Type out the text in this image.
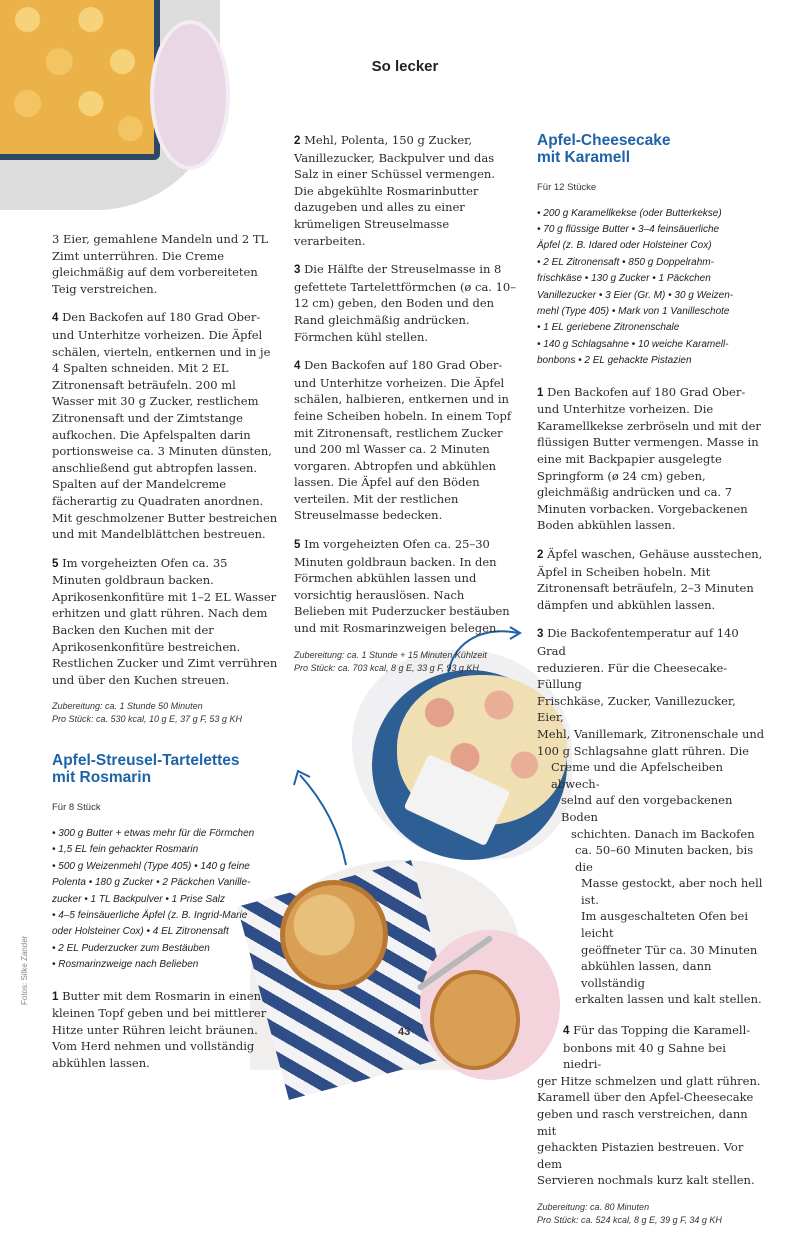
So lecker

3 Eier, gemahlene Mandeln und 2 TL Zimt unterrühren. Die Creme gleichmäßig auf dem vorbereiteten Teig verstreichen.

4 Den Backofen auf 180 Grad Ober- und Unterhitze vorheizen. Die Äpfel schälen, vierteln, entkernen und in je 4 Spalten schneiden. Mit 2 EL Zitronensaft beträufeln. 200 ml Wasser mit 30 g Zucker, restlichem Zitronensaft und der Zimtstange aufkochen. Die Apfelspalten darin portionsweise ca. 3 Minuten dünsten, anschließend gut abtropfen lassen. Spalten auf der Mandelcreme fächerartig zu Quadraten anordnen. Mit geschmolzener Butter bestreichen und mit Mandelblättchen bestreuen.

5 Im vorgeheizten Ofen ca. 35 Minuten goldbraun backen. Aprikosenkonfitüre mit 1–2 EL Wasser erhitzen und glatt rühren. Nach dem Backen den Kuchen mit der Aprikosenkonfitüre bestreichen. Restlichen Zucker und Zimt verrühren und über den Kuchen streuen.

Zubereitung: ca. 1 Stunde 50 Minuten
Pro Stück: ca. 530 kcal, 10 g E, 37 g F, 53 g KH
Apfel-Streusel-Tartelettes
mit Rosmarin
Für 8 Stück
• 300 g Butter + etwas mehr für die Förmchen
• 1,5 EL fein gehackter Rosmarin
• 500 g Weizenmehl (Type 405) • 140 g feine
Polenta • 180 g Zucker • 2 Päckchen Vanille-
zucker • 1 TL Backpulver • 1 Prise Salz
• 4–5 feinsäuerliche Äpfel (z. B. Ingrid-Marie
oder Holsteiner Cox) • 4 EL Zitronensaft
• 2 EL Puderzucker zum Bestäuben
• Rosmarinzweige nach Belieben

1 Butter mit dem Rosmarin in einen kleinen Topf geben und bei mittlerer Hitze unter Rühren leicht bräunen. Vom Herd nehmen und vollständig abkühlen lassen.

2 Mehl, Polenta, 150 g Zucker, Vanillezucker, Backpulver und das Salz in einer Schüssel vermengen. Die abgekühlte Rosmarinbutter dazugeben und alles zu einer krümeligen Streuselmasse verarbeiten.

3 Die Hälfte der Streuselmasse in 8 gefettete Tartelettförmchen (ø ca. 10–12 cm) geben, den Boden und den Rand gleichmäßig andrücken. Förmchen kühl stellen.

4 Den Backofen auf 180 Grad Ober- und Unterhitze vorheizen. Die Äpfel schälen, halbieren, entkernen und in feine Scheiben hobeln. In einem Topf mit Zitronensaft, restlichem Zucker und 200 ml Wasser ca. 2 Minuten vorgaren. Abtropfen und abkühlen lassen. Die Äpfel auf den Böden verteilen. Mit der restlichen Streuselmasse bedecken.

5 Im vorgeheizten Ofen ca. 25–30 Minuten goldbraun backen. In den Förmchen abkühlen lassen und vorsichtig herauslösen. Nach Belieben mit Puderzucker bestäuben und mit Rosmarinzweigen belegen.

Zubereitung: ca. 1 Stunde + 15 Minuten Kühlzeit
Pro Stück: ca. 703 kcal, 8 g E, 33 g F, 93 g KH
Apfel-Cheesecake
mit Karamell
Für 12 Stücke
• 200 g Karamellkekse (oder Butterkekse)
• 70 g flüssige Butter • 3–4 feinsäuerliche
Äpfel (z. B. Idared oder Holsteiner Cox)
• 2 EL Zitronensaft • 850 g Doppelrahm-
frischkäse • 130 g Zucker • 1 Päckchen
Vanillezucker • 3 Eier (Gr. M) • 30 g Weizen-
mehl (Type 405) • Mark von 1 Vanilleschote
• 1 EL geriebene Zitronenschale
• 140 g Schlagsahne • 10 weiche Karamell-
bonbons • 2 EL gehackte Pistazien

1 Den Backofen auf 180 Grad Ober- und Unterhitze vorheizen. Die Karamellkekse zerbröseln und mit der flüssigen Butter vermengen. Masse in eine mit Backpapier ausgelegte Springform (ø 24 cm) geben, gleichmäßig andrücken und ca. 7 Minuten vorbacken. Vorgebackenen Boden abkühlen lassen.

2 Äpfel waschen, Gehäuse ausstechen, Äpfel in Scheiben hobeln. Mit Zitronensaft beträufeln, 2–3 Minuten dämpfen und abkühlen lassen.

3 Die Backofentemperatur auf 140 Grad
reduzieren. Für die Cheesecake-Füllung
Frischkäse, Zucker, Vanillezucker, Eier,
Mehl, Vanillemark, Zitronenschale und
100 g Schlagsahne glatt rühren. Die
Creme und die Apfelscheiben abwech-
selnd auf den vorgebackenen Boden
schichten. Danach im Backofen
ca. 50–60 Minuten backen, bis die
Masse gestockt, aber noch hell ist.
Im ausgeschalteten Ofen bei leicht
geöffneter Tür ca. 30 Minuten
abkühlen lassen, dann vollständig
erkalten lassen und kalt stellen.

4 Für das Topping die Karamell-
bonbons mit 40 g Sahne bei niedri-
ger Hitze schmelzen und glatt rühren.
Karamell über den Apfel-Cheesecake
geben und rasch verstreichen, dann mit
gehackten Pistazien bestreuen. Vor dem
Servieren nochmals kurz kalt stellen.

Zubereitung: ca. 80 Minuten
Pro Stück: ca. 524 kcal, 8 g E, 39 g F, 34 g KH
Fotos: Silke Zander
43
